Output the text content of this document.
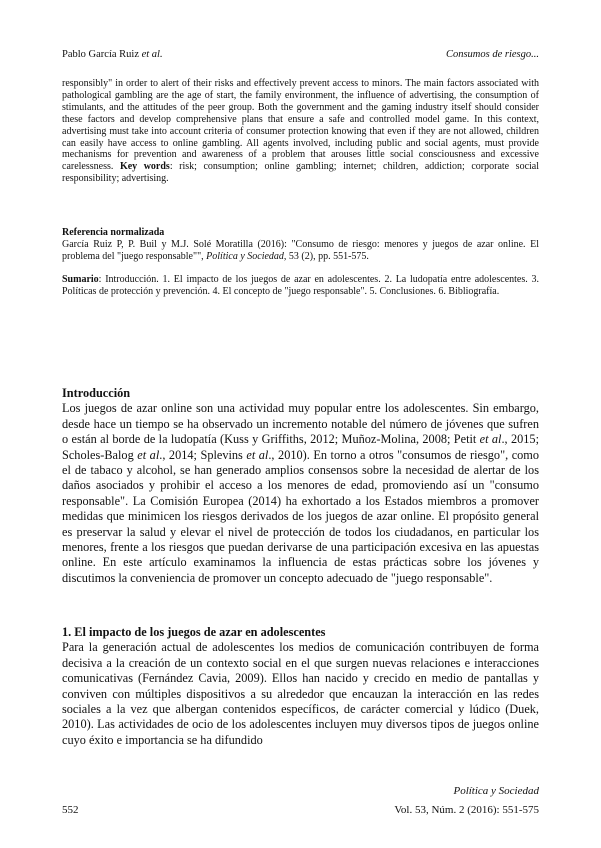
Pablo García Ruiz et al.	Consumos de riesgo...

responsibly" in order to alert of their risks and effectively prevent access to minors. The main factors associated with pathological gambling are the age of start, the family environment, the influence of advertising, the consumption of stimulants, and the attitudes of the peer group. Both the government and the gaming industry itself should consider these factors and develop comprehensive plans that ensure a safe and controlled model game. In this context, advertising must take into account criteria of consumer protection knowing that even if they are not allowed, children can easily have access to online gambling. All agents involved, including public and social agents, must provide mechanisms for prevention and awareness of a problem that arouses little social consciousness and excessive carelessness. Key words: risk; consumption; online gambling; internet; children, addiction; corporate social responsibility; advertising.

Referencia normalizada

García Ruiz P, P. Buil y M.J. Solé Moratilla (2016): "Consumo de riesgo: menores y juegos de azar online. El problema del "juego responsable"", Política y Sociedad, 53 (2), pp. 551-575.

Sumario: Introducción. 1. El impacto de los juegos de azar en adolescentes. 2. La ludopatía entre adolescentes. 3. Políticas de protección y prevención. 4. El concepto de "juego responsable". 5. Conclusiones. 6. Bibliografía.

Introducción

Los juegos de azar online son una actividad muy popular entre los adolescentes. Sin embargo, desde hace un tiempo se ha observado un incremento notable del número de jóvenes que sufren o están al borde de la ludopatía (Kuss y Griffiths, 2012; Muñoz-Molina, 2008; Petit et al., 2015; Scholes-Balog et al., 2014; Splevins et al., 2010). En torno a otros "consumos de riesgo", como el de tabaco y alcohol, se han generado amplios consensos sobre la necesidad de alertar de los daños asociados y prohibir el acceso a los menores de edad, promoviendo así un "consumo responsable". La Comisión Europea (2014) ha exhortado a los Estados miembros a promover medidas que minimicen los riesgos derivados de los juegos de azar online. El propósito general es preservar la salud y elevar el nivel de protección de todos los ciudadanos, en particular los menores, frente a los riesgos que puedan derivarse de una participación excesiva en las apuestas online. En este artículo examinamos la influencia de estas prácticas sobre los jóvenes y discutimos la conveniencia de promover un concepto adecuado de "juego responsable".

1. El impacto de los juegos de azar en adolescentes

Para la generación actual de adolescentes los medios de comunicación contribuyen de forma decisiva a la creación de un contexto social en el que surgen nuevas relaciones e interacciones comunicativas (Fernández Cavia, 2009). Ellos han nacido y crecido en medio de pantallas y conviven con múltiples dispositivos a su alrededor que encauzan la interacción en las redes sociales a la vez que albergan contenidos específicos, de carácter comercial y lúdico (Duek, 2010). Las actividades de ocio de los adolescentes incluyen muy diversos tipos de juegos online cuyo éxito e importancia se ha difundido

552
Política y Sociedad
Vol. 53, Núm. 2 (2016): 551-575
